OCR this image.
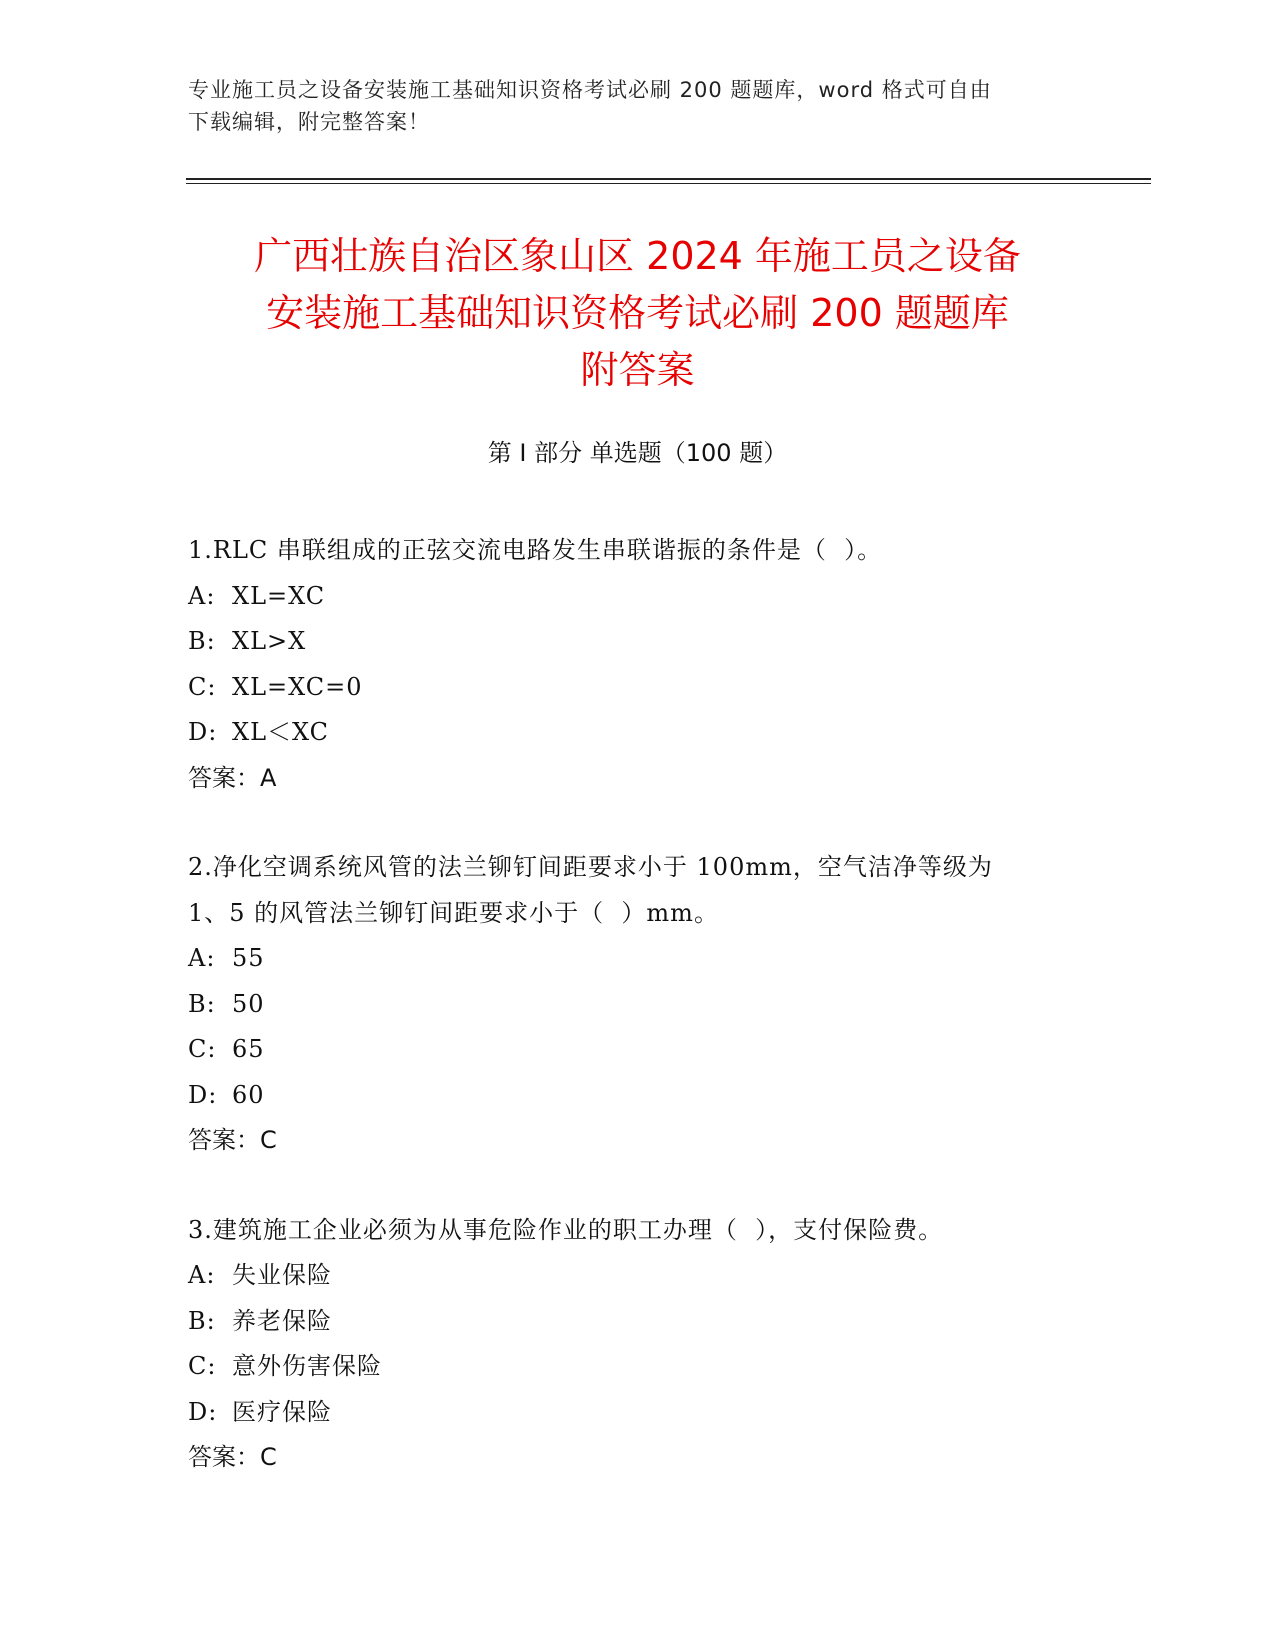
专业施工员之设备安装施工基础知识资格考试必刷 200 题题库，word 格式可自由
下载编辑，附完整答案！
广西壮族自治区象山区 2024 年施工员之设备
安装施工基础知识资格考试必刷 200 题题库
附答案
第 I 部分 单选题（100 题）
1.RLC 串联组成的正弦交流电路发生串联谐振的条件是（  ）。
A: XL=XC
B: XL>X
C: XL=XC=0
D: XL＜XC
答案：A
2.净化空调系统风管的法兰铆钉间距要求小于 100mm，空气洁净等级为
1、5 的风管法兰铆钉间距要求小于（  ）mm。
A: 55
B: 50
C: 65
D: 60
答案：C
3.建筑施工企业必须为从事危险作业的职工办理（  ），支付保险费。
A: 失业保险
B: 养老保险
C: 意外伤害保险
D: 医疗保险
答案：C
